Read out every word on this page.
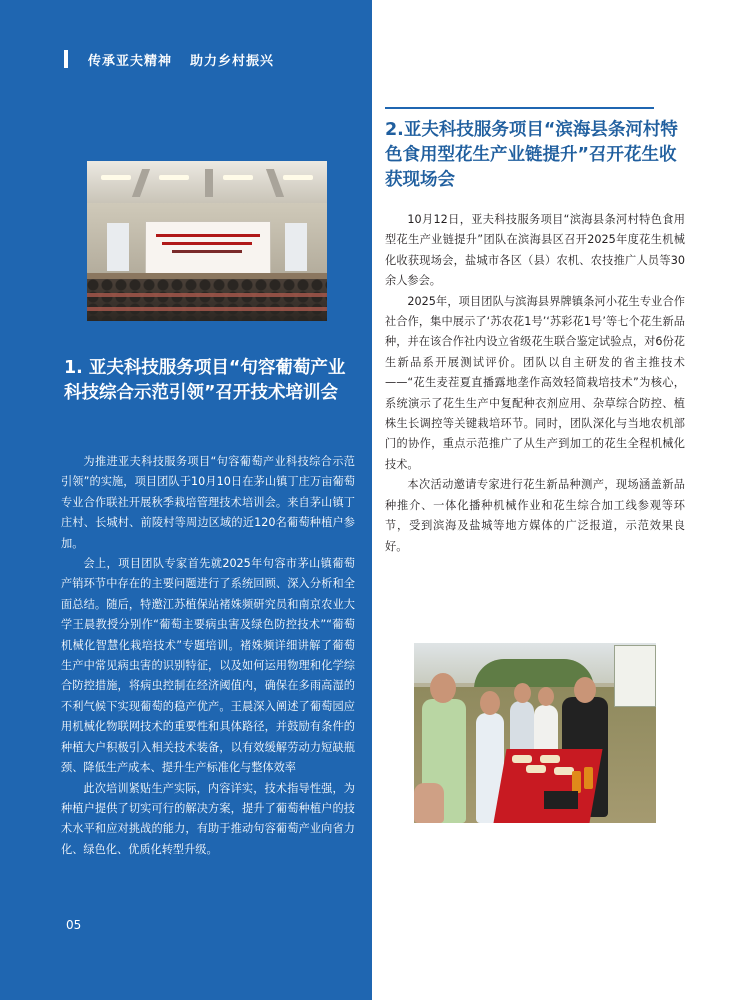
传承亚夫精神 助力乡村振兴
1. 亚夫科技服务项目“句容葡萄产业科技综合示范引领”召开技术培训会

为推进亚夫科技服务项目“句容葡萄产业科技综合示范引领”的实施，项目团队于10月10日在茅山镇丁庄万亩葡萄专业合作联社开展秋季栽培管理技术培训会。来自茅山镇丁庄村、长城村、前陵村等周边区域的近120名葡萄种植户参加。

会上，项目团队专家首先就2025年句容市茅山镇葡萄产销环节中存在的主要问题进行了系统回顾、深入分析和全面总结。随后，特邀江苏植保站褚姝频研究员和南京农业大学王晨教授分别作“葡萄主要病虫害及绿色防控技术”“葡萄机械化智慧化栽培技术”专题培训。褚姝频详细讲解了葡萄生产中常见病虫害的识别特征，以及如何运用物理和化学综合防控措施，将病虫控制在经济阈值内，确保在多雨高湿的不利气候下实现葡萄的稳产优产。王晨深入阐述了葡萄园应用机械化物联网技术的重要性和具体路径，并鼓励有条件的种植大户积极引入相关技术装备，以有效缓解劳动力短缺瓶颈、降低生产成本、提升生产标准化与整体效率

此次培训紧贴生产实际，内容详实，技术指导性强，为种植户提供了切实可行的解决方案，提升了葡萄种植户的技术水平和应对挑战的能力，有助于推动句容葡萄产业向省力化、绿色化、优质化转型升级。

05
2.亚夫科技服务项目“滨海县条河村特色食用型花生产业链提升”召开花生收获现场会

10月12日，亚夫科技服务项目“滨海县条河村特色食用型花生产业链提升”团队在滨海县区召开2025年度花生机械化收获现场会，盐城市各区（县）农机、农技推广人员等30余人参会。

2025年，项目团队与滨海县界牌镇条河小花生专业合作社合作，集中展示了‘苏农花1号’‘苏彩花1号’等七个花生新品种，并在该合作社内设立省级花生联合鉴定试验点，对6份花生新品系开展测试评价。团队以自主研发的省主推技术——“花生麦茬夏直播露地垄作高效轻简栽培技术”为核心，系统演示了花生生产中复配种衣剂应用、杂草综合防控、植株生长调控等关键栽培环节。同时，团队深化与当地农机部门的协作，重点示范推广了从生产到加工的花生全程机械化技术。

本次活动邀请专家进行花生新品种测产，现场涵盖新品种推介、一体化播种机械作业和花生综合加工线参观等环节，受到滨海及盐城等地方媒体的广泛报道，示范效果良好。
